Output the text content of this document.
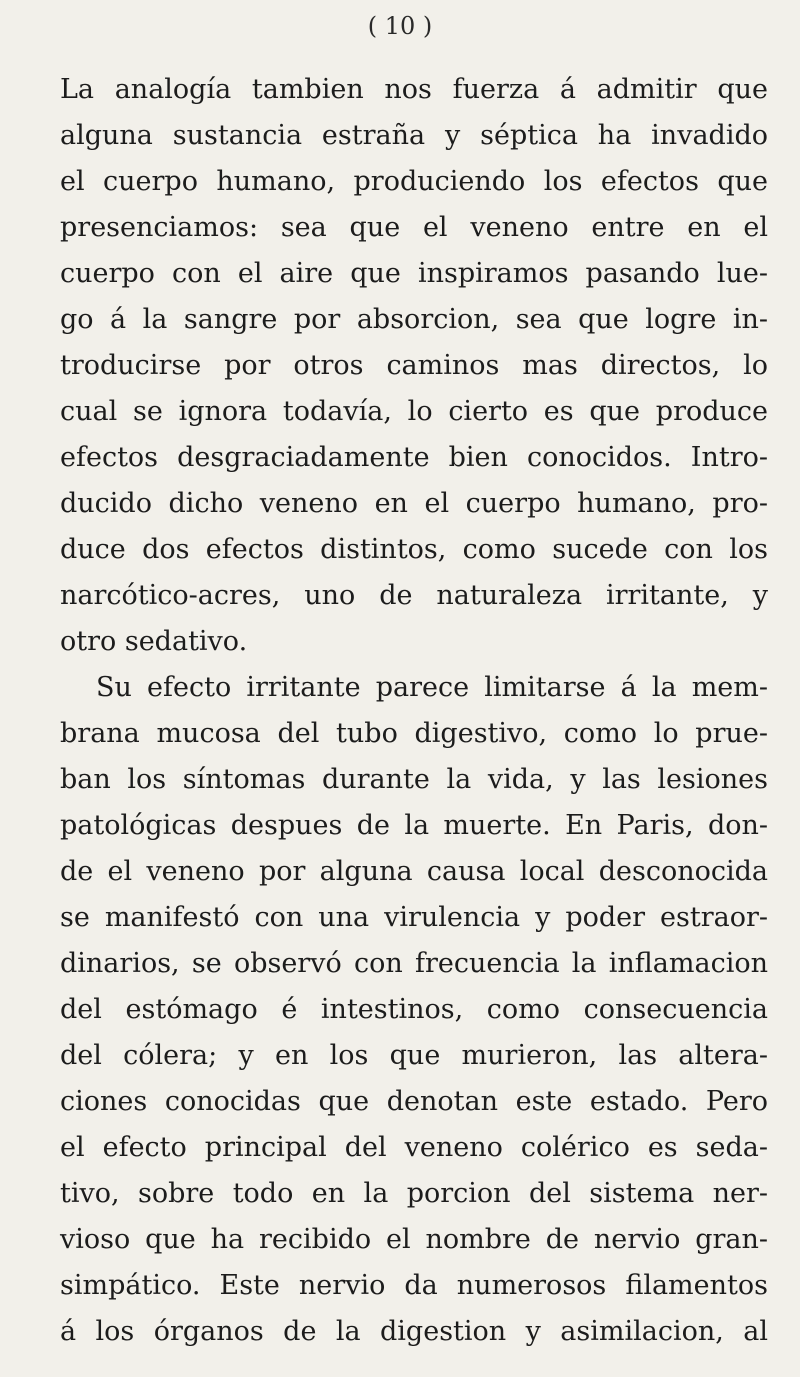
( 10 )
La analogía tambien nos fuerza á admitir que
alguna sustancia estraña y séptica ha invadido
el cuerpo humano, produciendo los efectos que
presenciamos: sea que el veneno entre en el
cuerpo con el aire que inspiramos pasando lue-
go á la sangre por absorcion, sea que logre in-
troducirse por otros caminos mas directos, lo
cual se ignora todavía, lo cierto es que produce
efectos desgraciadamente bien conocidos. Intro-
ducido dicho veneno en el cuerpo humano, pro-
duce dos efectos distintos, como sucede con los
narcótico-acres, uno de naturaleza irritante, y
otro sedativo.
Su efecto irritante parece limitarse á la mem-
brana mucosa del tubo digestivo, como lo prue-
ban los síntomas durante la vida, y las lesiones
patológicas despues de la muerte. En Paris, don-
de el veneno por alguna causa local desconocida
se manifestó con una virulencia y poder estraor-
dinarios, se observó con frecuencia la inflamacion
del estómago é intestinos, como consecuencia
del cólera; y en los que murieron, las altera-
ciones conocidas que denotan este estado. Pero
el efecto principal del veneno colérico es seda-
tivo, sobre todo en la porcion del sistema ner-
vioso que ha recibido el nombre de nervio gran-
simpático. Este nervio da numerosos filamentos
á los órganos de la digestion y asimilacion, al
